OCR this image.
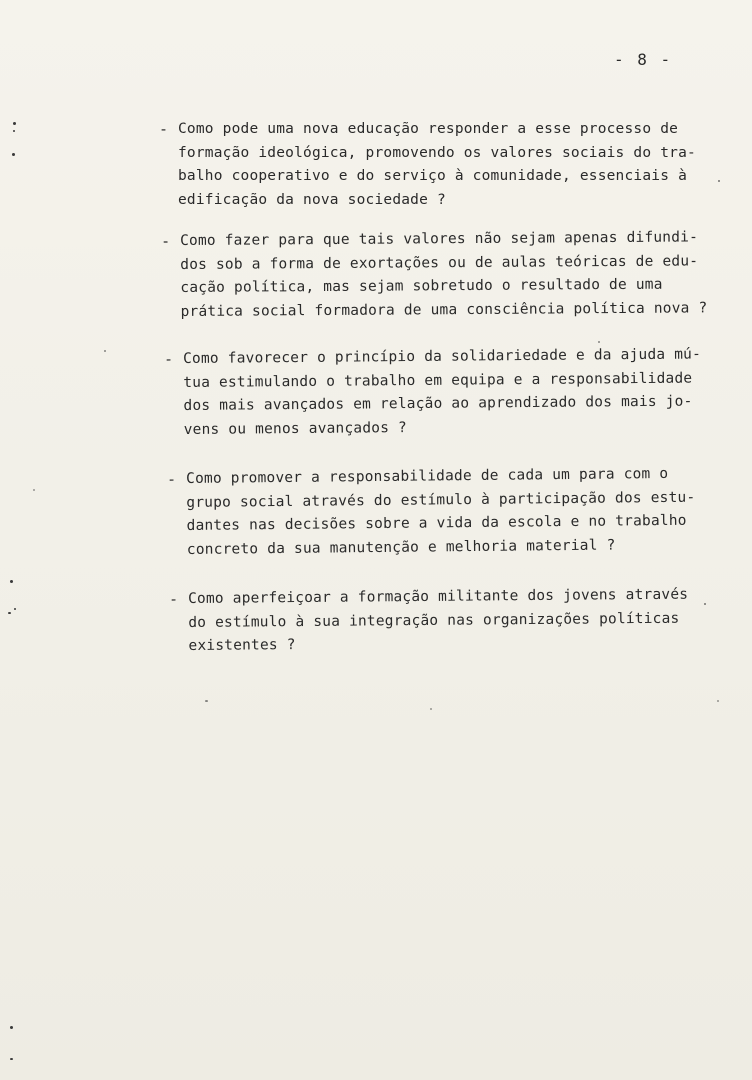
- 8 -
- Como pode uma nova educação responder a esse processo de
formação ideológica, promovendo os valores sociais do tra-
balho cooperativo e do serviço à comunidade, essenciais à
edificação da nova sociedade ?
- Como fazer para que tais valores não sejam apenas difundi-
dos sob a forma de exortações ou de aulas teóricas de edu-
cação política, mas sejam sobretudo o resultado de uma
prática social formadora de uma consciência política nova ?
- Como favorecer o princípio da solidariedade e da ajuda mú-
tua estimulando o trabalho em equipa e a responsabilidade
dos mais avançados em relação ao aprendizado dos mais jo-
vens ou menos avançados ?
- Como promover a responsabilidade de cada um para com o
grupo social através do estímulo à participação dos estu-
dantes nas decisões sobre a vida da escola e no trabalho
concreto da sua manutenção e melhoria material ?
- Como aperfeiçoar a formação militante dos jovens através
do estímulo à sua integração nas organizações políticas
existentes ?
